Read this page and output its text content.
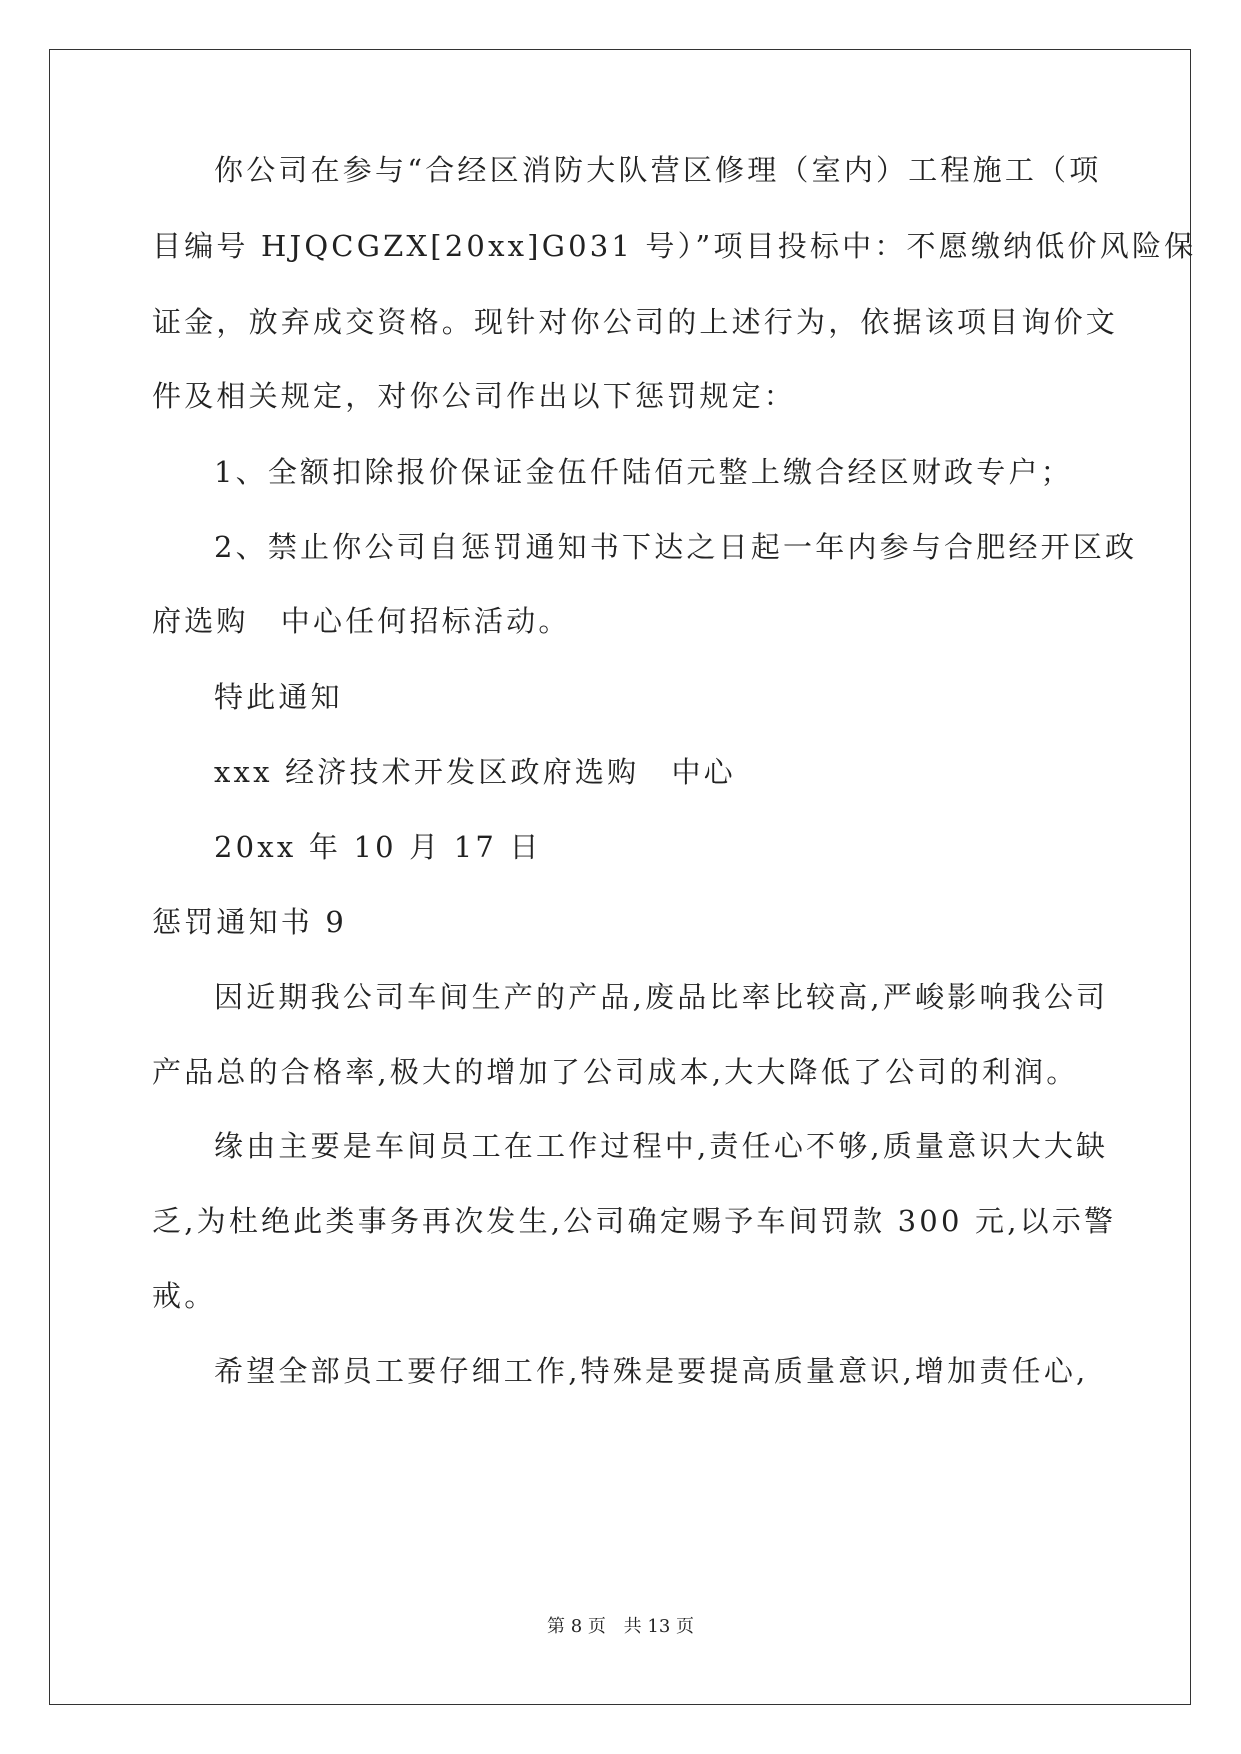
你公司在参与“合经区消防大队营区修理（室内）工程施工（项
目编号 HJQCGZX[20xx]G031 号）”项目投标中：不愿缴纳低价风险保
证金，放弃成交资格。现针对你公司的上述行为，依据该项目询价文
件及相关规定，对你公司作出以下惩罚规定：
1、全额扣除报价保证金伍仟陆佰元整上缴合经区财政专户；
2、禁止你公司自惩罚通知书下达之日起一年内参与合肥经开区政
府选购　中心任何招标活动。
特此通知
xxx 经济技术开发区政府选购　中心
20xx 年 10 月 17 日
惩罚通知书 9
因近期我公司车间生产的产品,废品比率比较高,严峻影响我公司
产品总的合格率,极大的增加了公司成本,大大降低了公司的利润。
缘由主要是车间员工在工作过程中,责任心不够,质量意识大大缺
乏,为杜绝此类事务再次发生,公司确定赐予车间罚款 300 元,以示警
戒。
希望全部员工要仔细工作,特殊是要提高质量意识,增加责任心,
第 8 页 共 13 页
